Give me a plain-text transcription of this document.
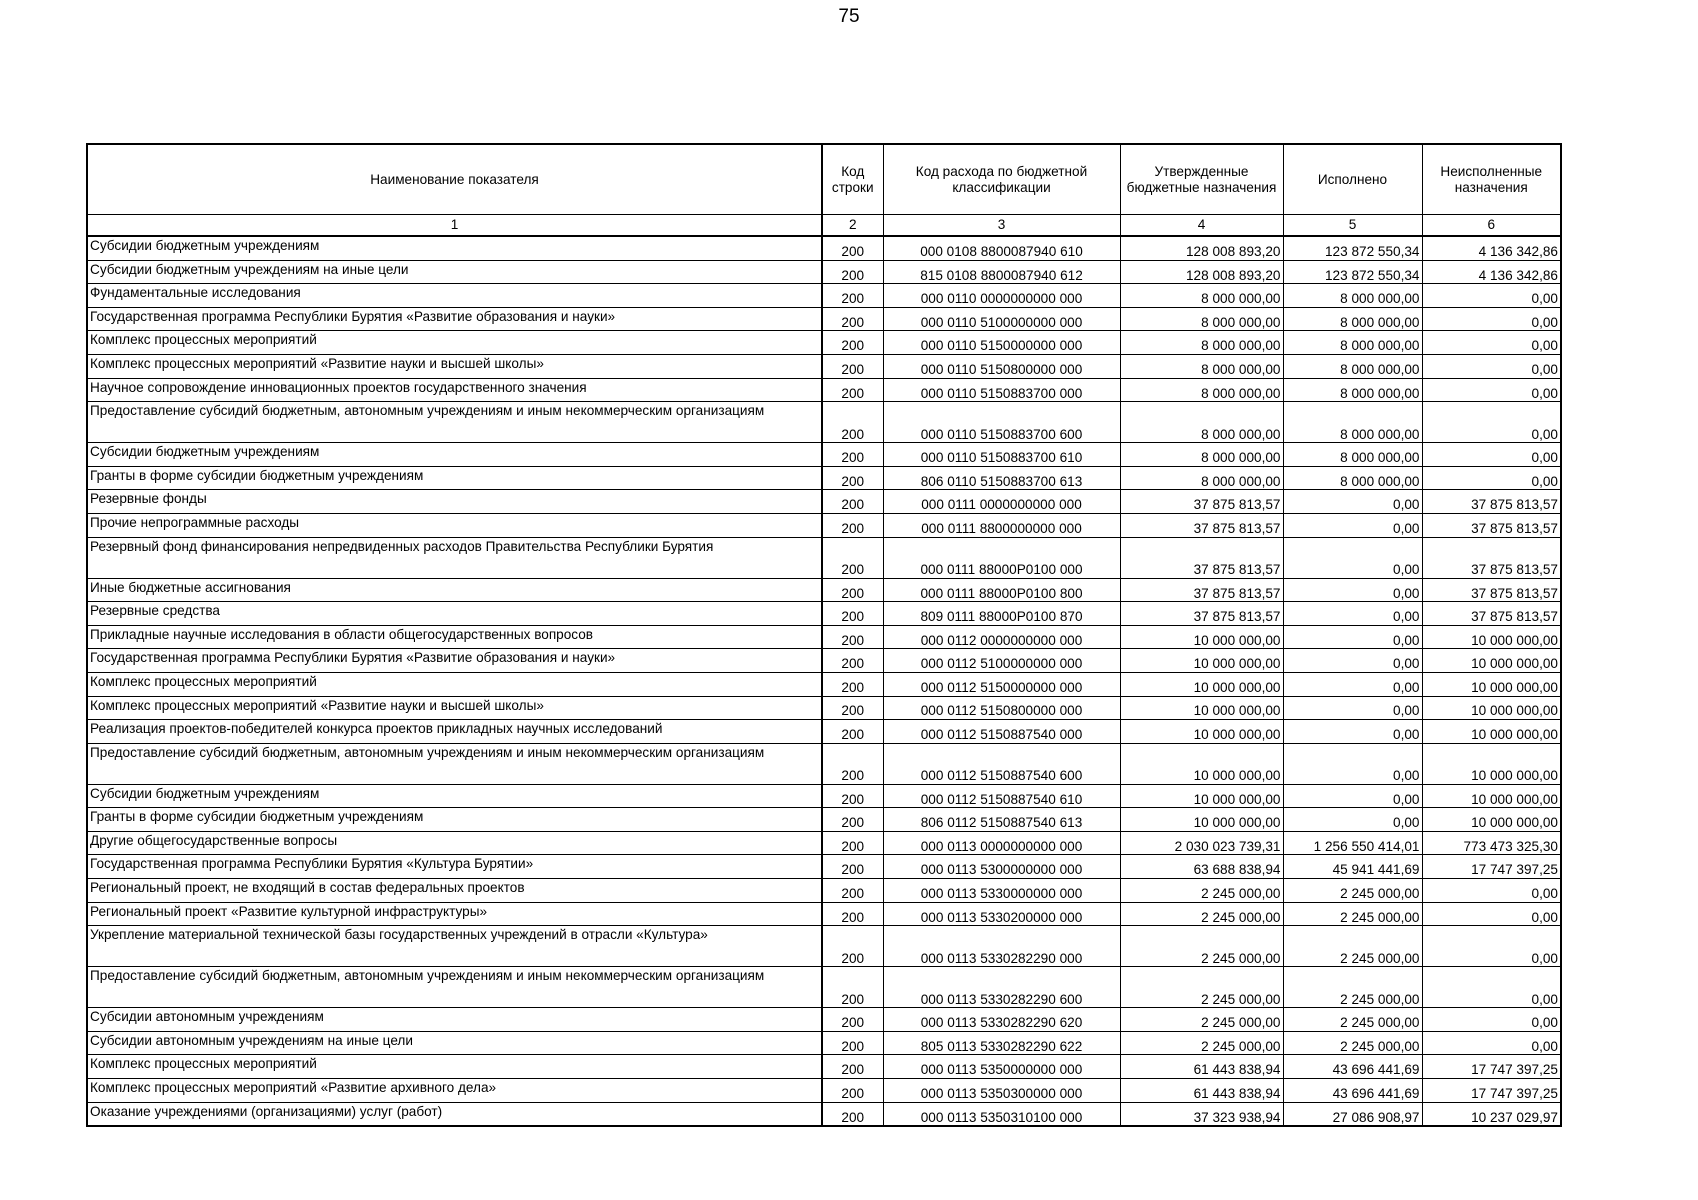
75
Наименование показателя	Код строки	Код расхода по бюджетной классификации	Утвержденные бюджетные назначения	Исполнено	Неисполненные назначения
1	2	3	4	5	6
Субсидии бюджетным учреждениям	200	000 0108 8800087940 610	128 008 893,20	123 872 550,34	4 136 342,86
Субсидии бюджетным учреждениям на иные цели	200	815 0108 8800087940 612	128 008 893,20	123 872 550,34	4 136 342,86
Фундаментальные исследования	200	000 0110 0000000000 000	8 000 000,00	8 000 000,00	0,00
Государственная программа Республики Бурятия «Развитие образования и науки»	200	000 0110 5100000000 000	8 000 000,00	8 000 000,00	0,00
Комплекс процессных мероприятий	200	000 0110 5150000000 000	8 000 000,00	8 000 000,00	0,00
Комплекс процессных мероприятий «Развитие науки и высшей школы»	200	000 0110 5150800000 000	8 000 000,00	8 000 000,00	0,00
Научное сопровождение инновационных проектов государственного значения	200	000 0110 5150883700 000	8 000 000,00	8 000 000,00	0,00
Предоставление субсидий бюджетным, автономным учреждениям и иным некоммерческим организациям	200	000 0110 5150883700 600	8 000 000,00	8 000 000,00	0,00
Субсидии бюджетным учреждениям	200	000 0110 5150883700 610	8 000 000,00	8 000 000,00	0,00
Гранты в форме субсидии бюджетным учреждениям	200	806 0110 5150883700 613	8 000 000,00	8 000 000,00	0,00
Резервные фонды	200	000 0111 0000000000 000	37 875 813,57	0,00	37 875 813,57
Прочие непрограммные расходы	200	000 0111 8800000000 000	37 875 813,57	0,00	37 875 813,57
Резервный фонд финансирования непредвиденных расходов Правительства Республики Бурятия	200	000 0111 88000Р0100 000	37 875 813,57	0,00	37 875 813,57
Иные бюджетные ассигнования	200	000 0111 88000Р0100 800	37 875 813,57	0,00	37 875 813,57
Резервные средства	200	809 0111 88000Р0100 870	37 875 813,57	0,00	37 875 813,57
Прикладные научные исследования в области общегосударственных вопросов	200	000 0112 0000000000 000	10 000 000,00	0,00	10 000 000,00
Государственная программа Республики Бурятия «Развитие образования и науки»	200	000 0112 5100000000 000	10 000 000,00	0,00	10 000 000,00
Комплекс процессных мероприятий	200	000 0112 5150000000 000	10 000 000,00	0,00	10 000 000,00
Комплекс процессных мероприятий «Развитие науки и высшей школы»	200	000 0112 5150800000 000	10 000 000,00	0,00	10 000 000,00
Реализация проектов-победителей конкурса проектов прикладных научных исследований	200	000 0112 5150887540 000	10 000 000,00	0,00	10 000 000,00
Предоставление субсидий бюджетным, автономным учреждениям и иным некоммерческим организациям	200	000 0112 5150887540 600	10 000 000,00	0,00	10 000 000,00
Субсидии бюджетным учреждениям	200	000 0112 5150887540 610	10 000 000,00	0,00	10 000 000,00
Гранты в форме субсидии бюджетным учреждениям	200	806 0112 5150887540 613	10 000 000,00	0,00	10 000 000,00
Другие общегосударственные вопросы	200	000 0113 0000000000 000	2 030 023 739,31	1 256 550 414,01	773 473 325,30
Государственная программа Республики Бурятия «Культура Бурятии»	200	000 0113 5300000000 000	63 688 838,94	45 941 441,69	17 747 397,25
Региональный проект, не входящий в состав федеральных проектов	200	000 0113 5330000000 000	2 245 000,00	2 245 000,00	0,00
Региональный проект «Развитие культурной инфраструктуры»	200	000 0113 5330200000 000	2 245 000,00	2 245 000,00	0,00
Укрепление материальной технической базы государственных учреждений в отрасли «Культура»	200	000 0113 5330282290 000	2 245 000,00	2 245 000,00	0,00
Предоставление субсидий бюджетным, автономным учреждениям и иным некоммерческим организациям	200	000 0113 5330282290 600	2 245 000,00	2 245 000,00	0,00
Субсидии автономным учреждениям	200	000 0113 5330282290 620	2 245 000,00	2 245 000,00	0,00
Субсидии автономным учреждениям на иные цели	200	805 0113 5330282290 622	2 245 000,00	2 245 000,00	0,00
Комплекс процессных мероприятий	200	000 0113 5350000000 000	61 443 838,94	43 696 441,69	17 747 397,25
Комплекс процессных мероприятий «Развитие архивного дела»	200	000 0113 5350300000 000	61 443 838,94	43 696 441,69	17 747 397,25
Оказание учреждениями (организациями) услуг (работ)	200	000 0113 5350310100 000	37 323 938,94	27 086 908,97	10 237 029,97
